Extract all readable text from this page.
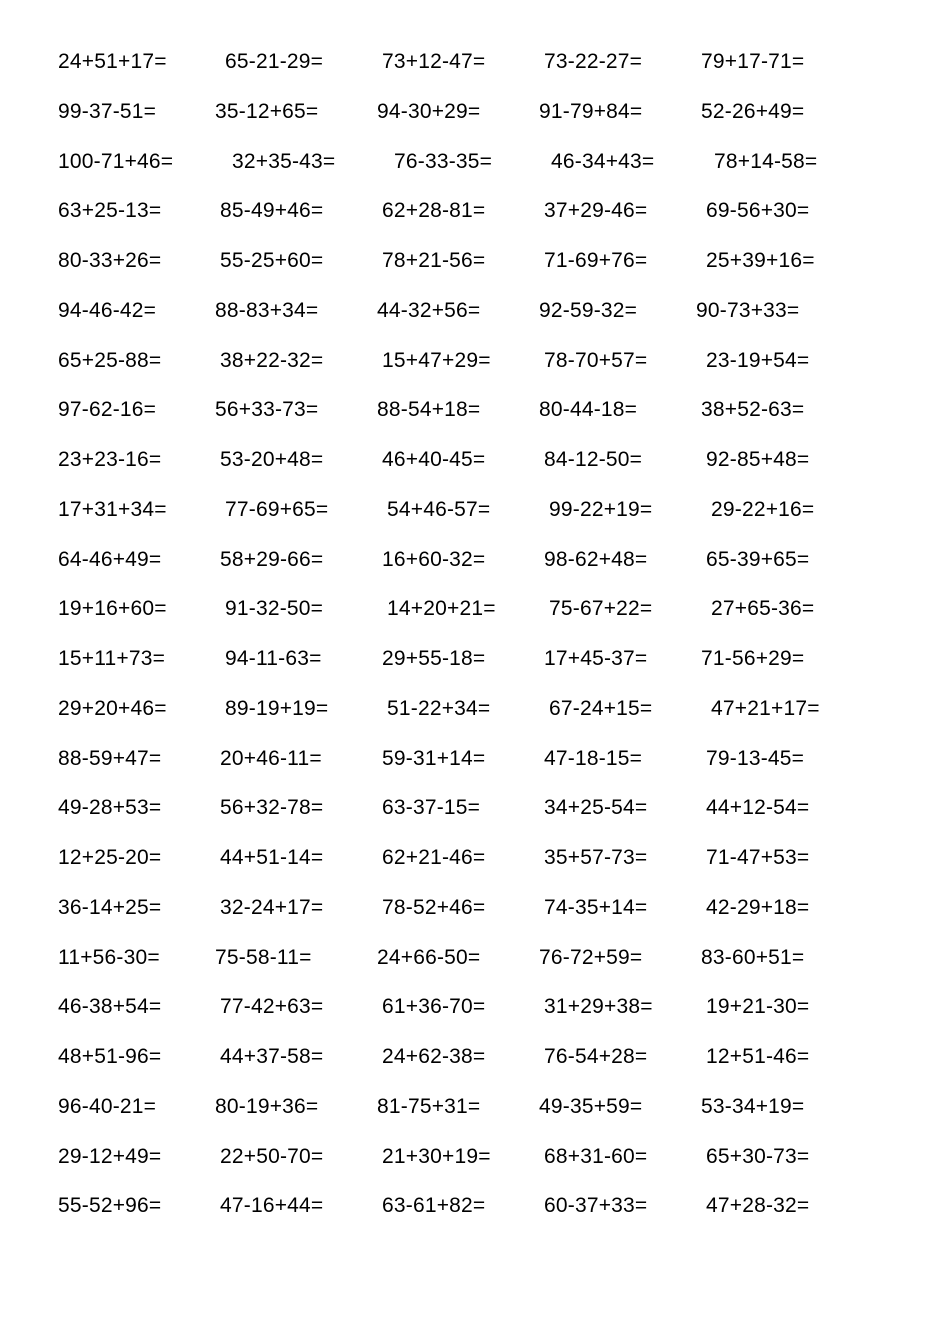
24+51+17=	65-21-29=	73+12-47=	73-22-27=	79+17-71=
99-37-51=	35-12+65=	94-30+29=	91-79+84=	52-26+49=
100-71+46=	32+35-43=	76-33-35=	46-34+43=	78+14-58=
63+25-13=	85-49+46=	62+28-81=	37+29-46=	69-56+30=
80-33+26=	55-25+60=	78+21-56=	71-69+76=	25+39+16=
94-46-42=	88-83+34=	44-32+56=	92-59-32=	90-73+33=
65+25-88=	38+22-32=	15+47+29=	78-70+57=	23-19+54=
97-62-16=	56+33-73=	88-54+18=	80-44-18=	38+52-63=
23+23-16=	53-20+48=	46+40-45=	84-12-50=	92-85+48=
17+31+34=	77-69+65=	54+46-57=	99-22+19=	29-22+16=
64-46+49=	58+29-66=	16+60-32=	98-62+48=	65-39+65=
19+16+60=	91-32-50=	14+20+21=	75-67+22=	27+65-36=
15+11+73=	94-11-63=	29+55-18=	17+45-37=	71-56+29=
29+20+46=	89-19+19=	51-22+34=	67-24+15=	47+21+17=
88-59+47=	20+46-11=	59-31+14=	47-18-15=	79-13-45=
49-28+53=	56+32-78=	63-37-15=	34+25-54=	44+12-54=
12+25-20=	44+51-14=	62+21-46=	35+57-73=	71-47+53=
36-14+25=	32-24+17=	78-52+46=	74-35+14=	42-29+18=
11+56-30=	75-58-11=	24+66-50=	76-72+59=	83-60+51=
46-38+54=	77-42+63=	61+36-70=	31+29+38=	19+21-30=
48+51-96=	44+37-58=	24+62-38=	76-54+28=	12+51-46=
96-40-21=	80-19+36=	81-75+31=	49-35+59=	53-34+19=
29-12+49=	22+50-70=	21+30+19=	68+31-60=	65+30-73=
55-52+96=	47-16+44=	63-61+82=	60-37+33=	47+28-32=
